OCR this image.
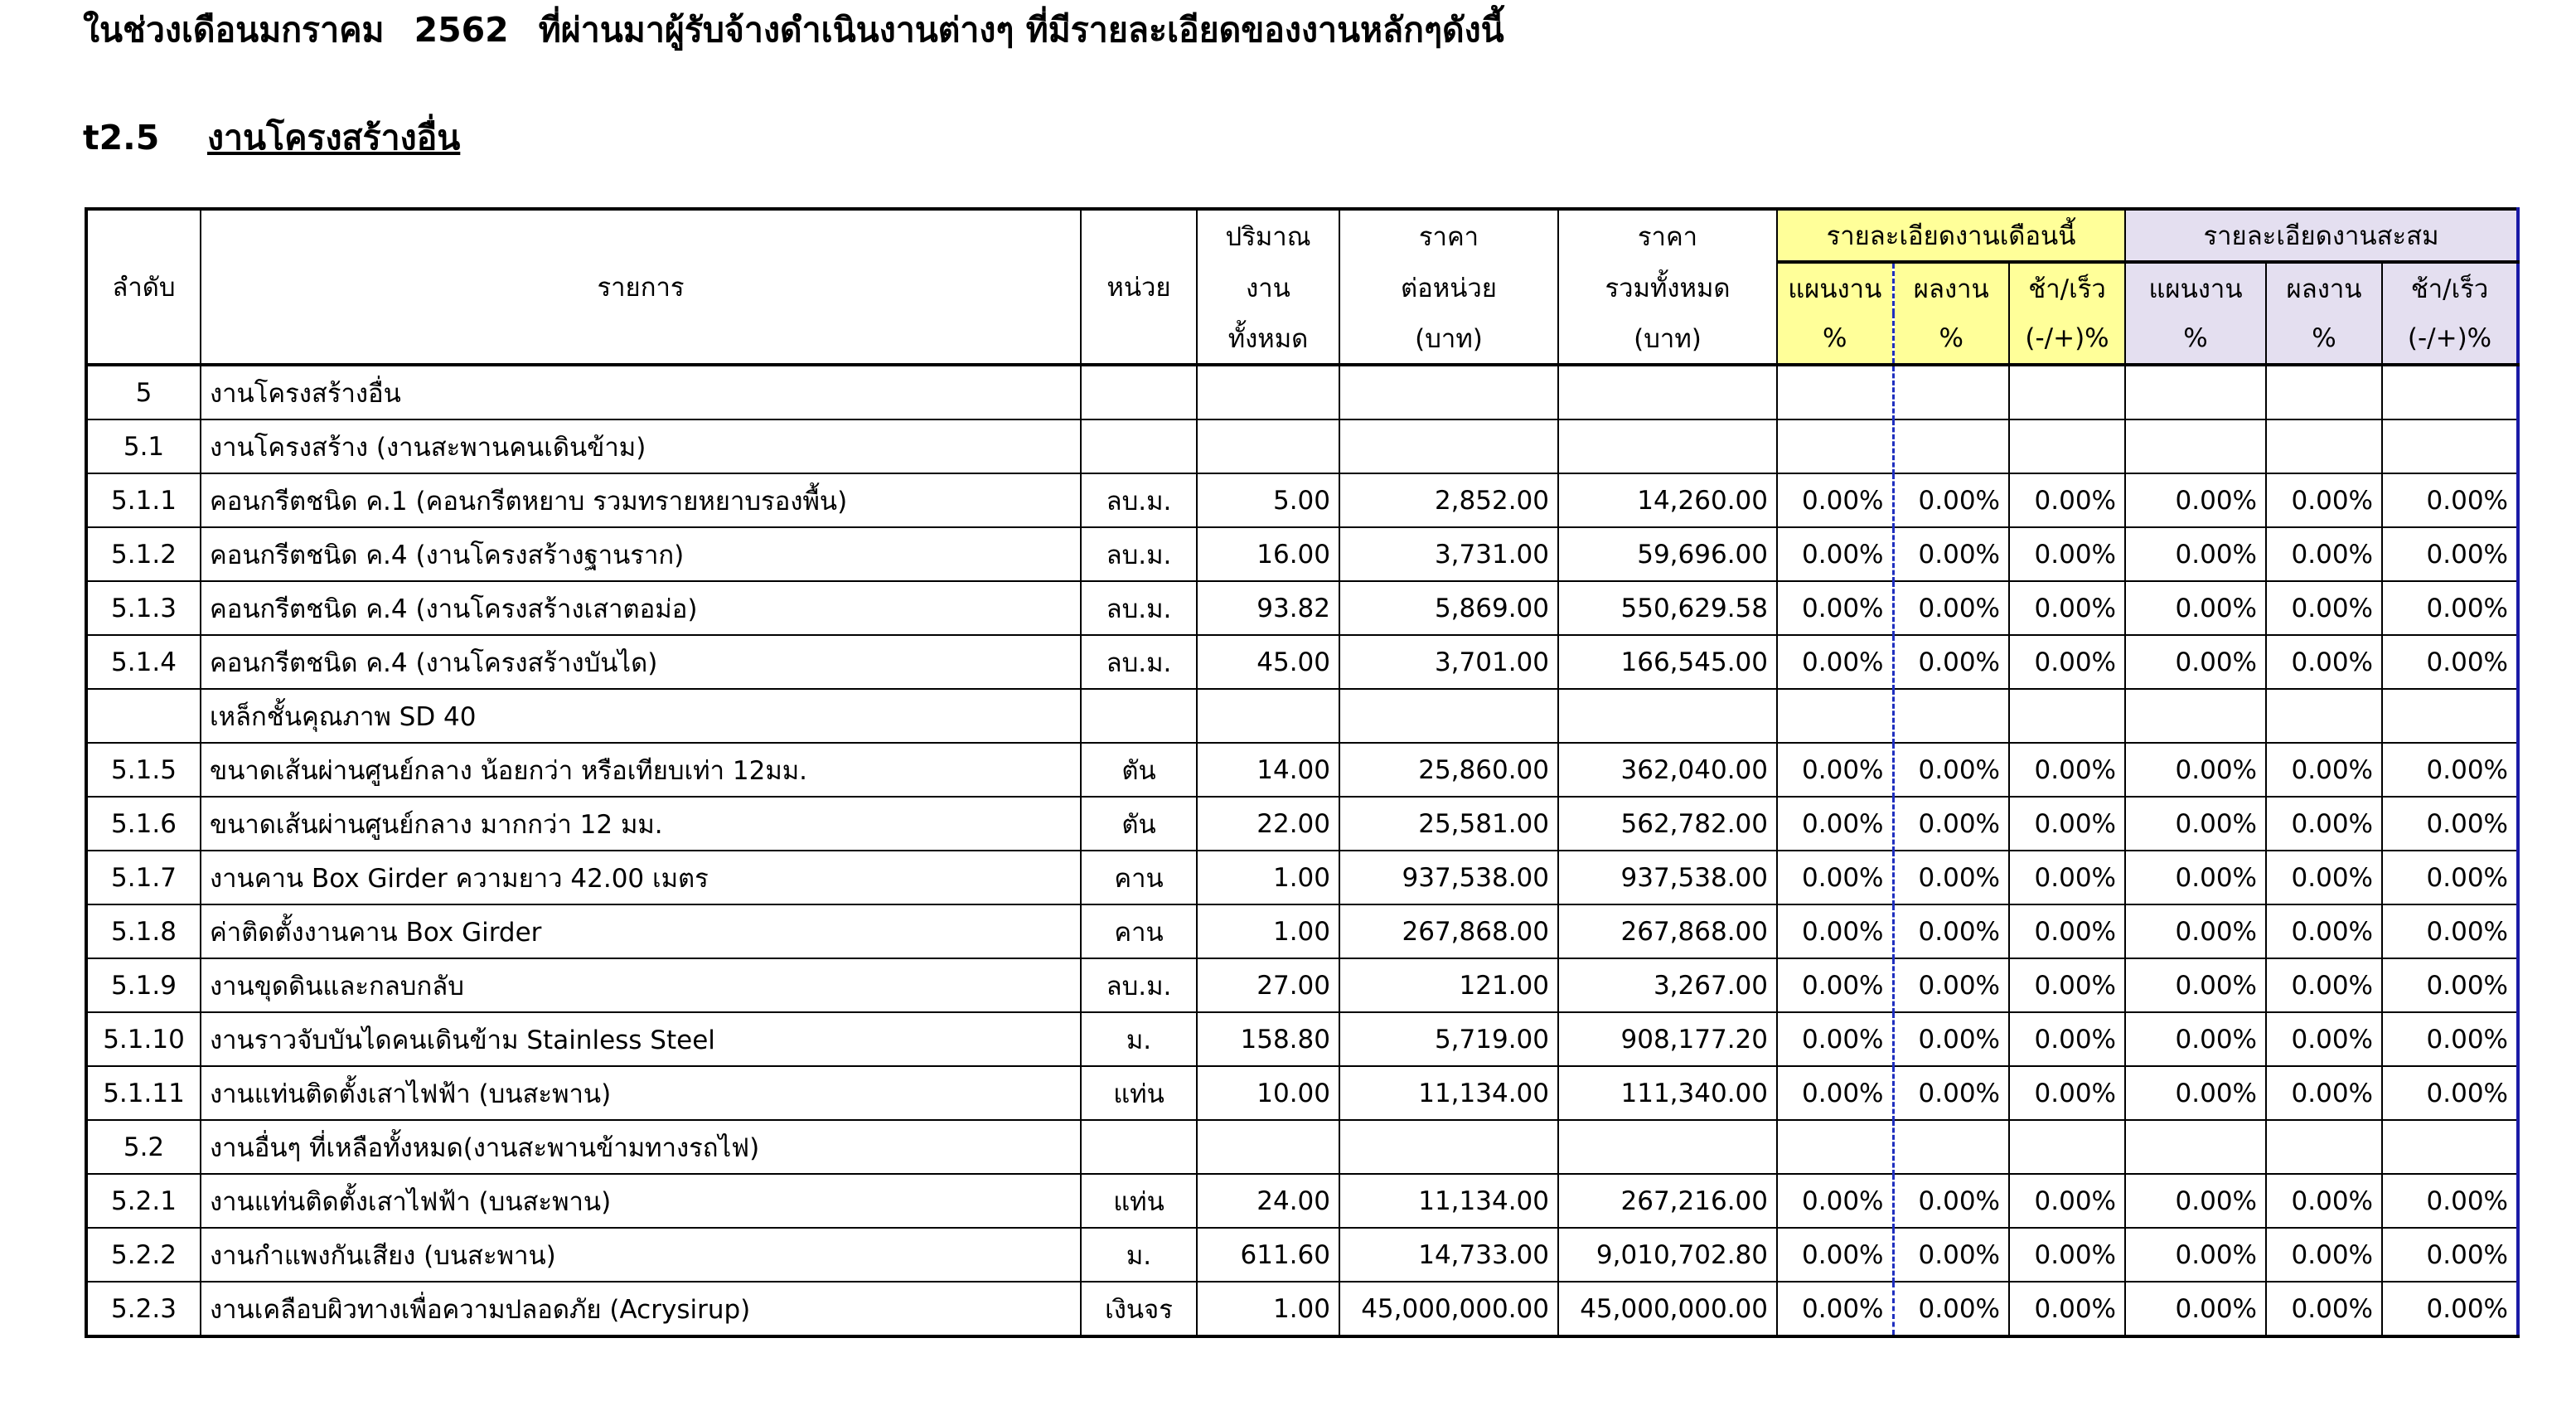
ในช่วงเดือนมกราคม 2562 ที่ผ่านมาผู้รับจ้างดำเนินงานต่างๆ ที่มีรายละเอียดของงานหลักๆดังนี้
t2.5 งานโครงสร้างอื่น
ลำดับ	รายการ	หน่วย	ปริมาณ	ราคา	ราคา	รายละเอียดงานเดือนนี้			รายละเอียดงานสะสม		
			งาน	ต่อหน่วย	รวมทั้งหมด	แผนงาน	ผลงาน	ช้า/เร็ว	แผนงาน	ผลงาน	ช้า/เร็ว
			ทั้งหมด	(บาท)	(บาท)	%	%	(-/+)%	%	%	(-/+)%
5	งานโครงสร้างอื่น										
5.1	งานโครงสร้าง (งานสะพานคนเดินข้าม)										
5.1.1	คอนกรีตชนิด ค.1 (คอนกรีตหยาบ รวมทรายหยาบรองพื้น)	ลบ.ม.	5.00	2,852.00	14,260.00	0.00%	0.00%	0.00%	0.00%	0.00%	0.00%
5.1.2	คอนกรีตชนิด ค.4 (งานโครงสร้างฐานราก)	ลบ.ม.	16.00	3,731.00	59,696.00	0.00%	0.00%	0.00%	0.00%	0.00%	0.00%
5.1.3	คอนกรีตชนิด ค.4 (งานโครงสร้างเสาตอม่อ)	ลบ.ม.	93.82	5,869.00	550,629.58	0.00%	0.00%	0.00%	0.00%	0.00%	0.00%
5.1.4	คอนกรีตชนิด ค.4 (งานโครงสร้างบันได)	ลบ.ม.	45.00	3,701.00	166,545.00	0.00%	0.00%	0.00%	0.00%	0.00%	0.00%
	เหล็กชั้นคุณภาพ SD 40										
5.1.5	ขนาดเส้นผ่านศูนย์กลาง น้อยกว่า หรือเทียบเท่า 12มม.	ตัน	14.00	25,860.00	362,040.00	0.00%	0.00%	0.00%	0.00%	0.00%	0.00%
5.1.6	ขนาดเส้นผ่านศูนย์กลาง มากกว่า 12 มม.	ตัน	22.00	25,581.00	562,782.00	0.00%	0.00%	0.00%	0.00%	0.00%	0.00%
5.1.7	งานคาน Box Girder ความยาว 42.00 เมตร	คาน	1.00	937,538.00	937,538.00	0.00%	0.00%	0.00%	0.00%	0.00%	0.00%
5.1.8	ค่าติดตั้งงานคาน Box Girder	คาน	1.00	267,868.00	267,868.00	0.00%	0.00%	0.00%	0.00%	0.00%	0.00%
5.1.9	งานขุดดินและกลบกลับ	ลบ.ม.	27.00	121.00	3,267.00	0.00%	0.00%	0.00%	0.00%	0.00%	0.00%
5.1.10	งานราวจับบันไดคนเดินข้าม Stainless Steel	ม.	158.80	5,719.00	908,177.20	0.00%	0.00%	0.00%	0.00%	0.00%	0.00%
5.1.11	งานแท่นติดตั้งเสาไฟฟ้า (บนสะพาน)	แท่น	10.00	11,134.00	111,340.00	0.00%	0.00%	0.00%	0.00%	0.00%	0.00%
5.2	งานอื่นๆ ที่เหลือทั้งหมด(งานสะพานข้ามทางรถไฟ)										
5.2.1	งานแท่นติดตั้งเสาไฟฟ้า (บนสะพาน)	แท่น	24.00	11,134.00	267,216.00	0.00%	0.00%	0.00%	0.00%	0.00%	0.00%
5.2.2	งานกำแพงกันเสียง (บนสะพาน)	ม.	611.60	14,733.00	9,010,702.80	0.00%	0.00%	0.00%	0.00%	0.00%	0.00%
5.2.3	งานเคลือบผิวทางเพื่อความปลอดภัย (Acrysirup)	เงินจร	1.00	45,000,000.00	45,000,000.00	0.00%	0.00%	0.00%	0.00%	0.00%	0.00%
